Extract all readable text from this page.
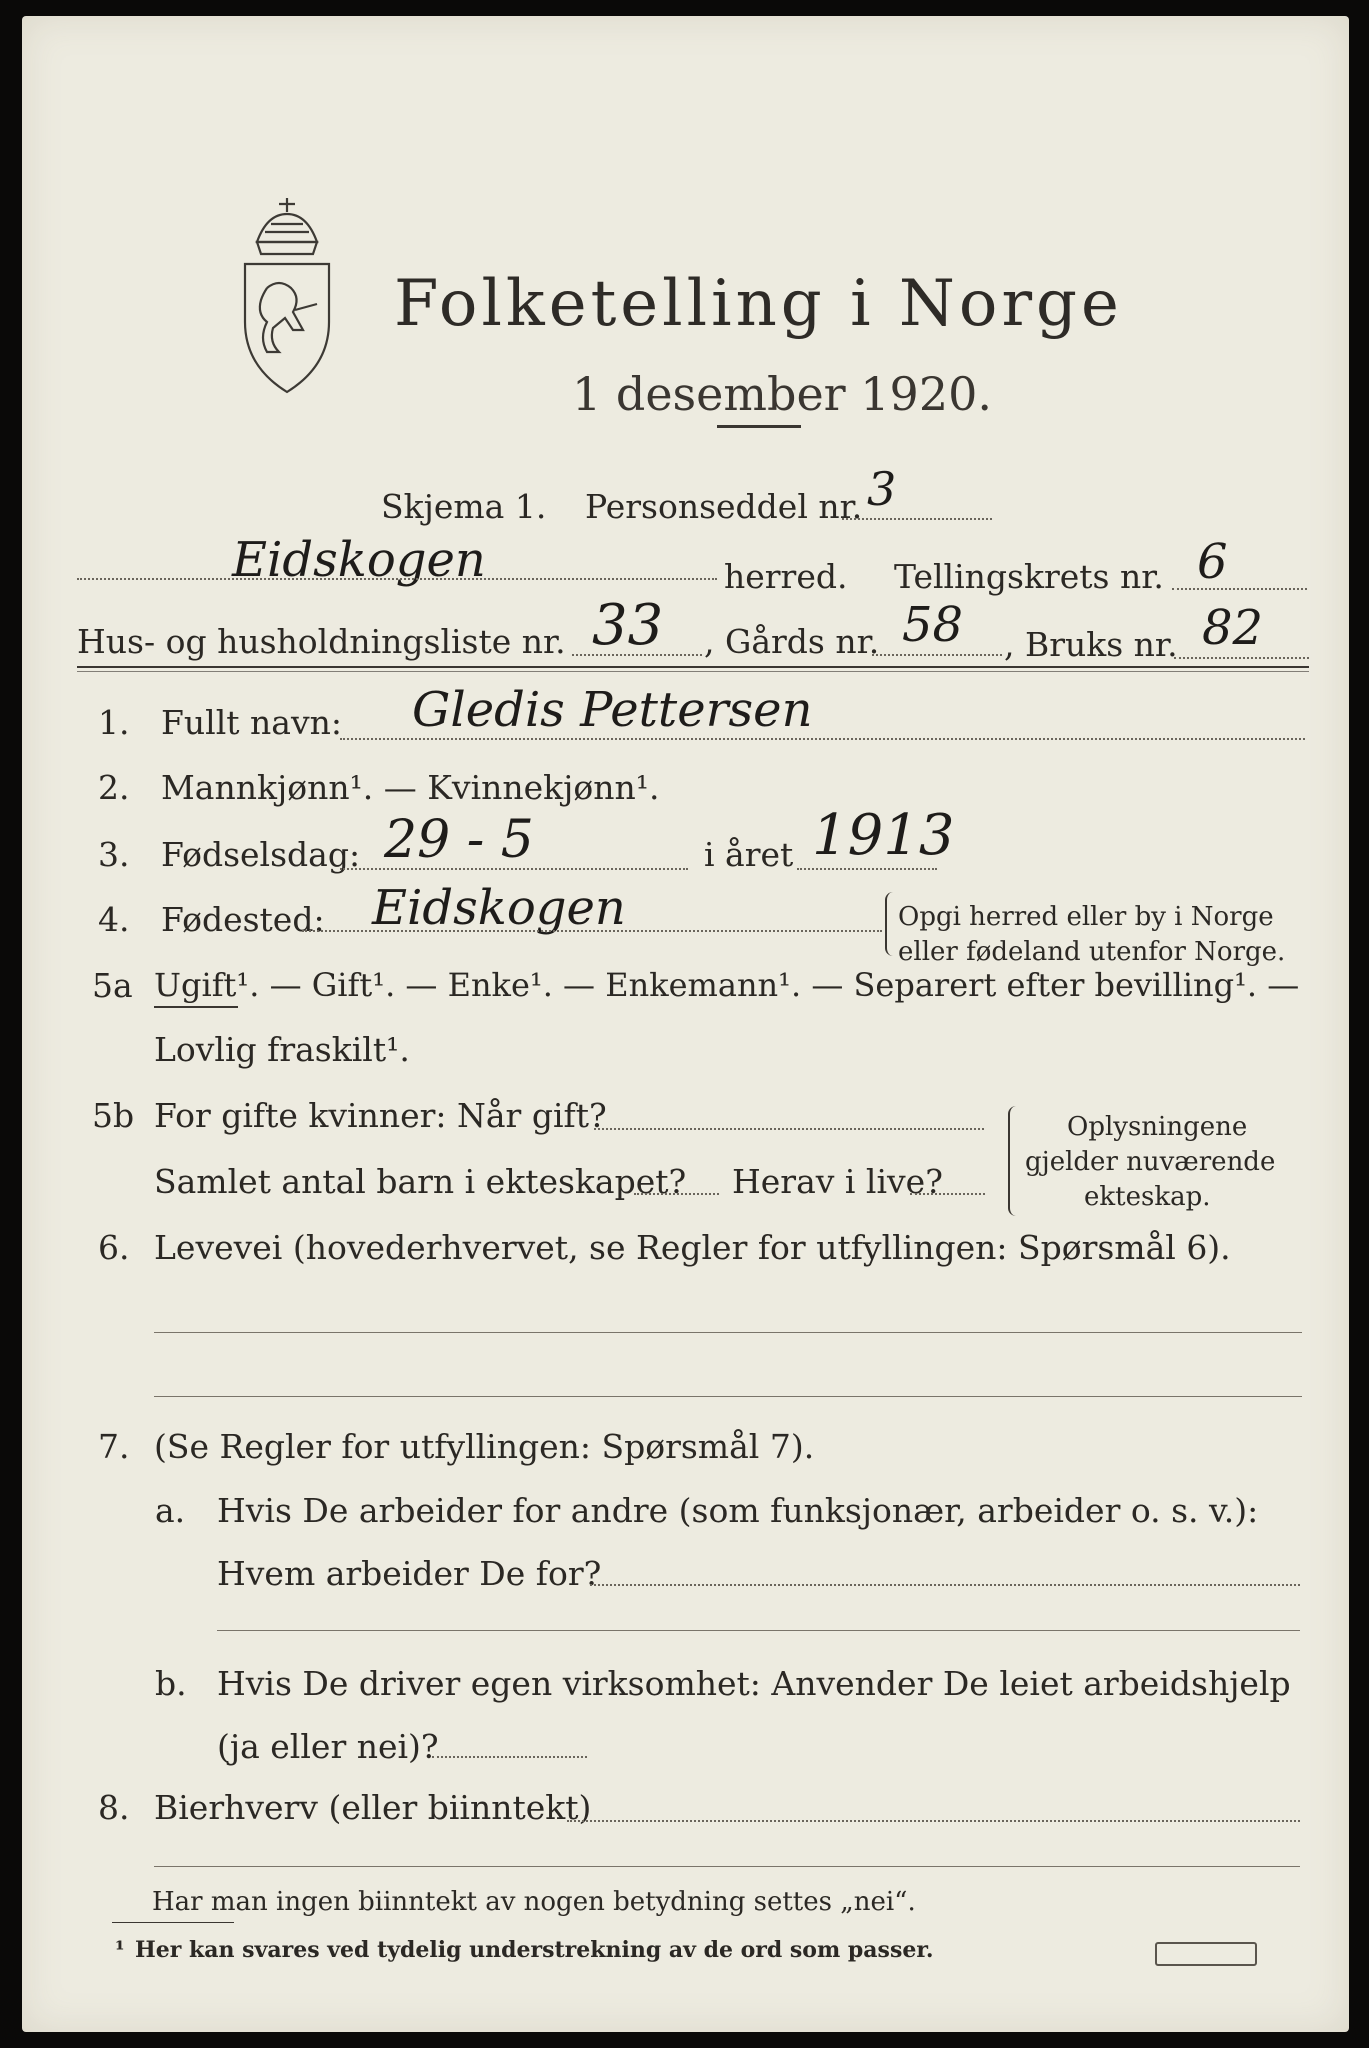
Folketelling i Norge
1 desember 1920.
Skjema 1. Personseddel nr. 3
Eidskogen	herred. Tellingskrets nr. 6
Hus- og husholdningsliste nr. 33 , Gårds nr. 58 , Bruks nr. 82
1. Fullt navn: Gledis Pettersen
2. Mannkjønn¹. — Kvinnekjønn¹.
3. Fødselsdag: 29 - 5	i året 1913
4. Fødested: Eidskogen	Opgi herred eller by i Norge
eller fødeland utenfor Norge.
5a Ugift¹. — Gift¹. — Enke¹. — Enkemann¹. — Separert efter bevilling¹. —
Lovlig fraskilt¹.
5b For gifte kvinner: Når gift?
Samlet antal barn i ekteskapet? Herav i live?
Oplysningene
gjelder nuværende
ekteskap.
6. Levevei (hovederhvervet, se Regler for utfyllingen: Spørsmål 6).
7. (Se Regler for utfyllingen: Spørsmål 7).
a. Hvis De arbeider for andre (som funksjonær, arbeider o. s. v.):
Hvem arbeider De for?
b. Hvis De driver egen virksomhet: Anvender De leiet arbeidshjelp
(ja eller nei)?
8. Bierhverv (eller biinntekt)
Har man ingen biinntekt av nogen betydning settes „nei“.
¹ Her kan svares ved tydelig understrekning av de ord som passer.
